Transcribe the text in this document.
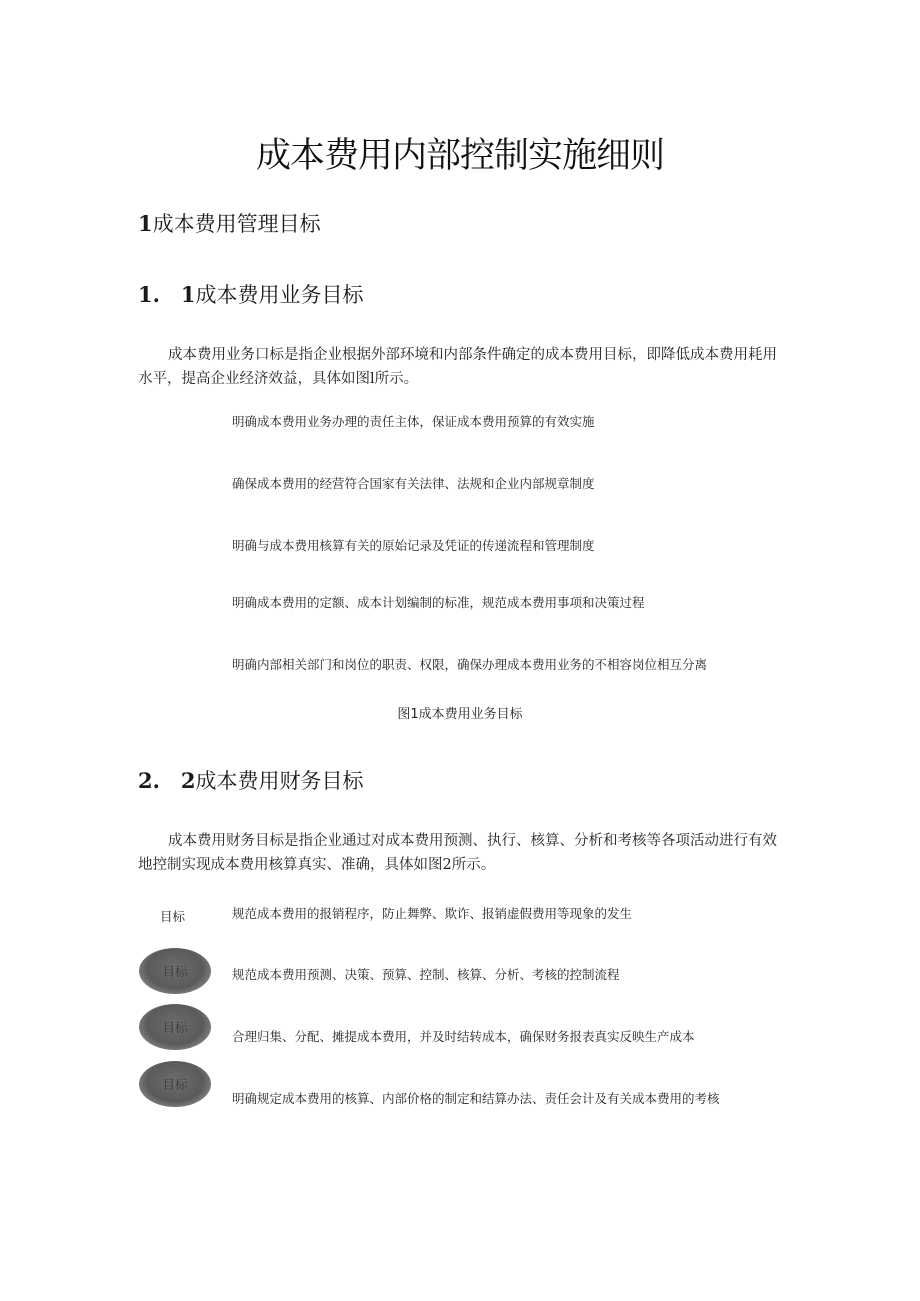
成本费用内部控制实施细则
1成本费用管理目标
1.　1成本费用业务目标
成本费用业务口标是指企业根据外部环境和内部条件确定的成本费用目标，即降低成本费用耗用水平，提高企业经济效益，具体如图l所示。
明确成本费用业务办理的责任主体，保证成本费用预算的有效实施
确保成本费用的经营符合国家有关法律、法规和企业内部规章制度
明确与成本费用核算有关的原始记录及凭证的传递流程和管理制度
明确成本费用的定额、成本计划编制的标准，规范成本费用事项和决策过程
明确内部相关部门和岗位的职责、权限，确保办理成本费用业务的不相容岗位相互分离
图1成本费用业务目标
2.　2成本费用财务目标
成本费用财务目标是指企业通过对成本费用预测、执行、核算、分析和考核等各项活动进行有效地控制实现成本费用核算真实、准确，具体如图2所示。
目标	规范成本费用的报销程序，防止舞弊、欺诈、报销虚假费用等现象的发生
目标	规范成本费用预测、决策、预算、控制、核算、分析、考核的控制流程
目标
合理归集、分配、摊提成本费用，并及时结转成本，确保财务报表真实反映生产成本
目标
明确规定成本费用的核算、内部价格的制定和结算办法、责任会计及有关成本费用的考核
